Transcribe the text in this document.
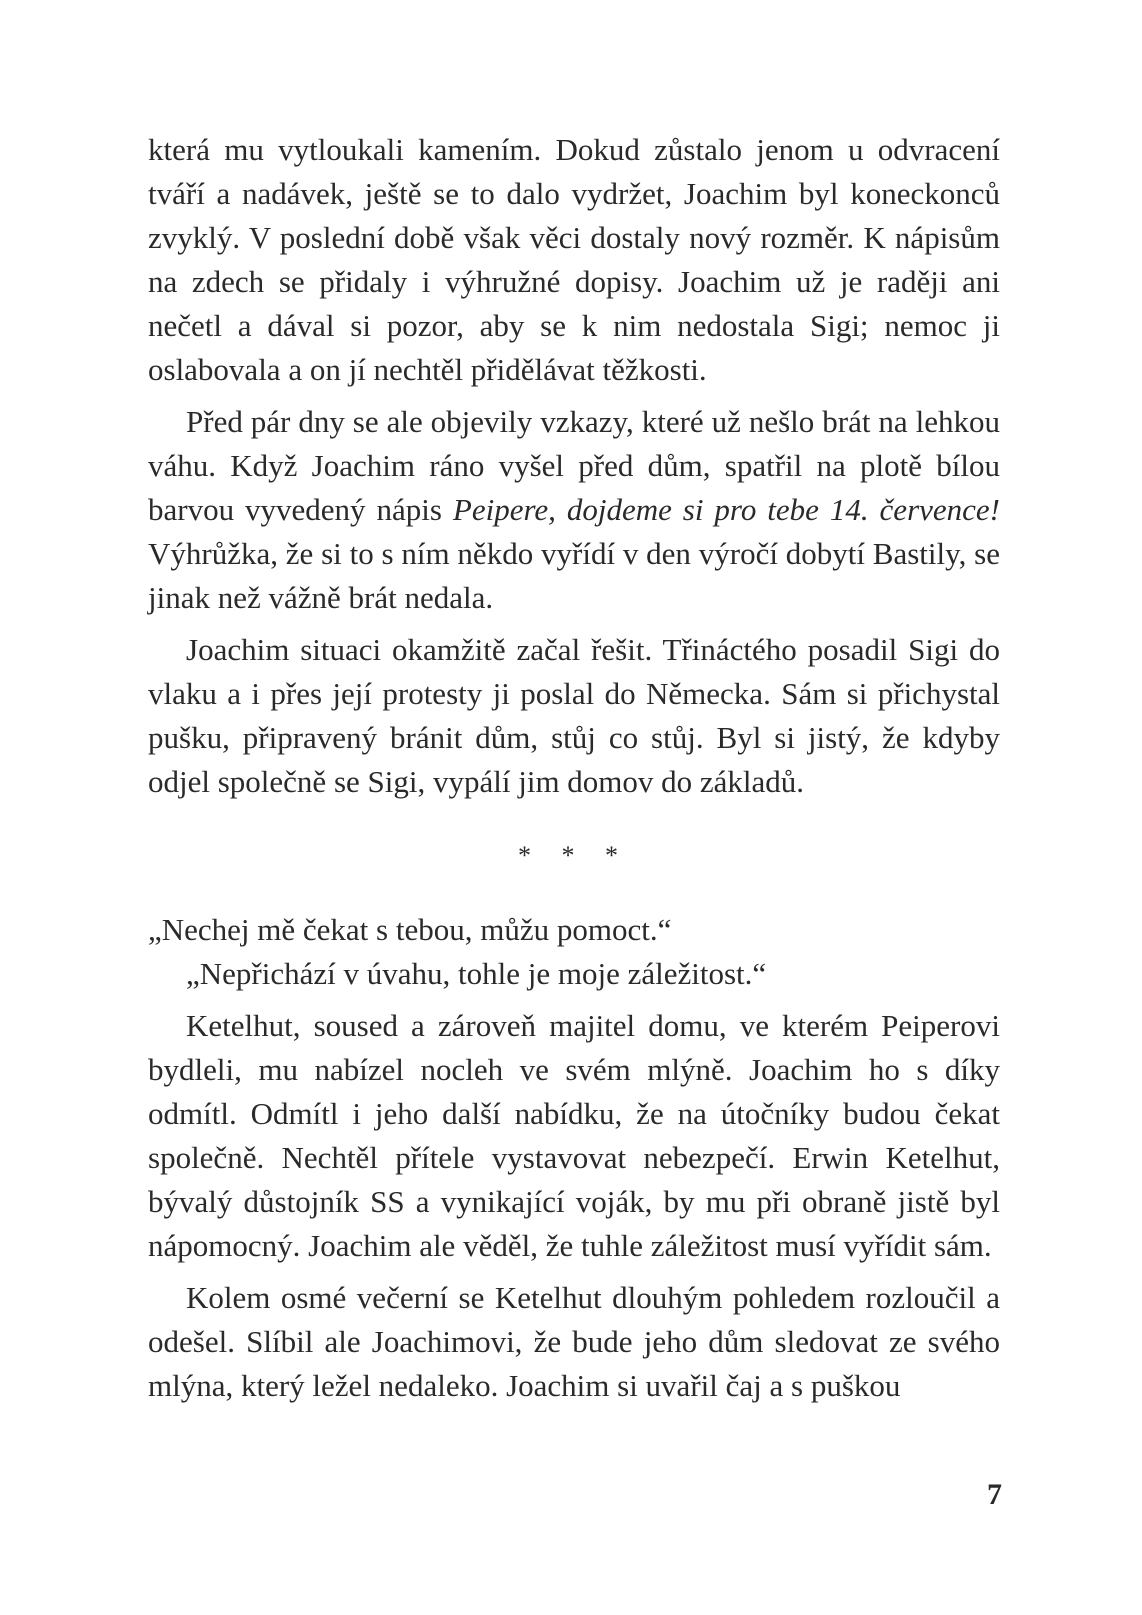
která mu vytloukali kamením. Dokud zůstalo jenom u odvracení tváří a nadávek, ještě se to dalo vydržet, Joachim byl koneckonců zvyklý. V poslední době však věci dostaly nový rozměr. K nápisům na zdech se přidaly i výhružné dopisy. Joachim už je raději ani nečetl a dával si pozor, aby se k nim nedostala Sigi; nemoc ji oslabovala a on jí nechtěl přidělávat těžkosti.

Před pár dny se ale objevily vzkazy, které už nešlo brát na lehkou váhu. Když Joachim ráno vyšel před dům, spatřil na plotě bílou barvou vyvedený nápis Peipere, dojdeme si pro tebe 14. července! Výhrůžka, že si to s ním někdo vyřídí v den výročí dobytí Bastily, se jinak než vážně brát nedala.

Joachim situaci okamžitě začal řešit. Třináctého posadil Sigi do vlaku a i přes její protesty ji poslal do Německa. Sám si přichystal pušku, připravený bránit dům, stůj co stůj. Byl si jistý, že kdyby odjel společně se Sigi, vypálí jim domov do základů.

* * *

„Nechej mě čekat s tebou, můžu pomoct.“

„Nepřichází v úvahu, tohle je moje záležitost.“

Ketelhut, soused a zároveň majitel domu, ve kterém Peiperovi bydleli, mu nabízel nocleh ve svém mlýně. Joachim ho s díky odmítl. Odmítl i jeho další nabídku, že na útočníky budou čekat společně. Nechtěl přítele vystavovat nebezpečí. Erwin Ketelhut, bývalý důstojník SS a vynikající voják, by mu při obraně jistě byl nápomocný. Joachim ale věděl, že tuhle záležitost musí vyřídit sám.

Kolem osmé večerní se Ketelhut dlouhým pohledem rozloučil a odešel. Slíbil ale Joachimovi, že bude jeho dům sledovat ze svého mlýna, který ležel nedaleko. Joachim si uvařil čaj a s puškou

7
